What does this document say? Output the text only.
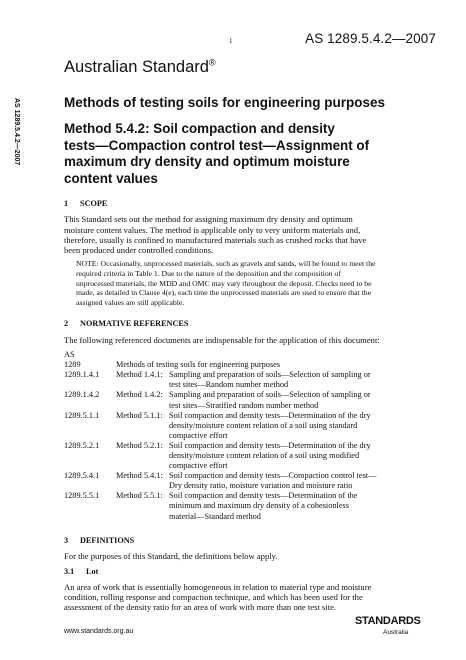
1	AS 1289.5.4.2—2007
AS 1289.5.4.2—2007
Australian Standard®
Methods of testing soils for engineering purposes
Method 5.4.2: Soil compaction and density
tests—Compaction control test—Assignment of
maximum dry density and optimum moisture
content values
1 SCOPE
This Standard sets out the method for assigning maximum dry density and optimum
moisture content values. The method is applicable only to very uniform materials and,
therefore, usually is confined to manufactured materials such as crushed rocks that have
been produced under controlled conditions.
NOTE: Occasionally, unprocessed materials, such as gravels and sands, will be found to meet the
required criteria in Table 1. Due to the nature of the deposition and the composition of
unprocessed materials, the MDD and OMC may vary throughout the deposit. Checks need to be
made, as detailed in Clause 4(e), each time the unprocessed materials are used to ensure that the
assigned values are still applicable.
2 NORMATIVE REFERENCES
The following referenced documents are indispensable for the application of this document:
AS
1289	Methods of testing soils for engineering purposes
1289.1.4.1	Method 1.4.1: Sampling and preparation of soils—Selection of sampling or
test sites—Random number method
1289.1.4.2	Method 1.4.2: Sampling and preparation of soils—Selection of sampling or
test sites—Stratified random number method
1289.5.1.1	Method 5.1.1: Soil compaction and density tests—Determination of the dry
density/moisture content relation of a soil using standard
compactive effort
1289.5.2.1	Method 5.2.1: Soil compaction and density tests—Determination of the dry
density/moisture content relation of a soil using modified
compactive effort
1289.5.4.1	Method 5.4.1: Soil compaction and density tests—Compaction control test—
Dry density ratio, moisture variation and moisture ratio
1289.5.5.1	Method 5.5.1: Soil compaction and density tests—Determination of the
minimum and maximum dry density of a cohesionless
material—Standard method
3 DEFINITIONS
For the purposes of this Standard, the definitions below apply.
3.1 Lot
An area of work that is essentially homogeneous in relation to material type and moisture
condition, rolling response and compaction technique, and which has been used for the
assessment of the density ratio for an area of work with more than one test site.
www.standards.org.au
STANDARDS
Australia
